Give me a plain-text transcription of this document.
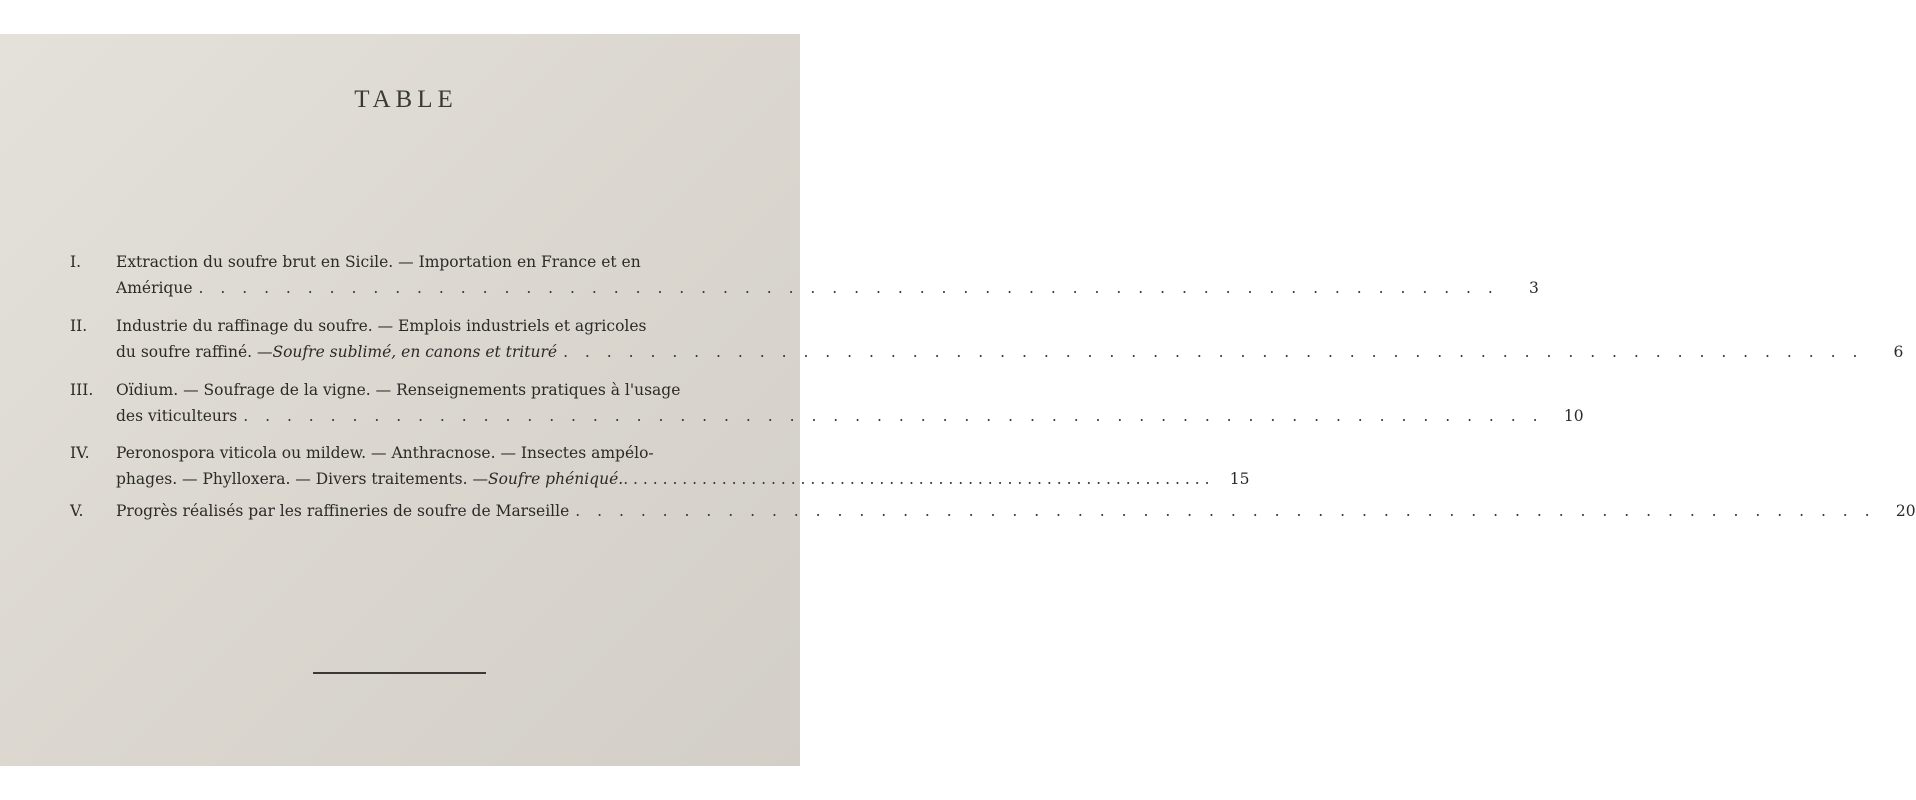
TABLE
I.	Extraction du soufre brut en Sicile. — Importation en France et en
Amérique . . . . . . . . . . . . . . . . . . . . . . . . . . . . . . . . . . . . . . . . . . . . . . . . . . . . . . . . . . . .	3
II.	Industrie du raffinage du soufre. — Emplois industriels et agricoles
du soufre raffiné. — Soufre sublimé, en canons et trituré . . . . . . . . . . . . . . . . . . . . . . . . . . . . . . . . . . . . . . . . . . . . . . . . . . . . . . . . . . . .	6
III.	Oïdium. — Soufrage de la vigne. — Renseignements pratiques à l'usage
des viticulteurs . . . . . . . . . . . . . . . . . . . . . . . . . . . . . . . . . . . . . . . . . . . . . . . . . . . . . . . . . . . .	10
IV.	Peronospora viticola ou mildew. — Anthracnose. — Insectes ampélo-
phages. — Phylloxera. — Divers traitements. — Soufre phéniqué. . . . . . . . . . . . . . . . . . . . . . . . . . . . . . . . . . . . . . . . . . . . . . . . . . . . . . . . . . . . .	15
V.	Progrès réalisés par les raffineries de soufre de Marseille . . . . . . . . . . . . . . . . . . . . . . . . . . . . . . . . . . . . . . . . . . . . . . . . . . . . . . . . . . . .	20
